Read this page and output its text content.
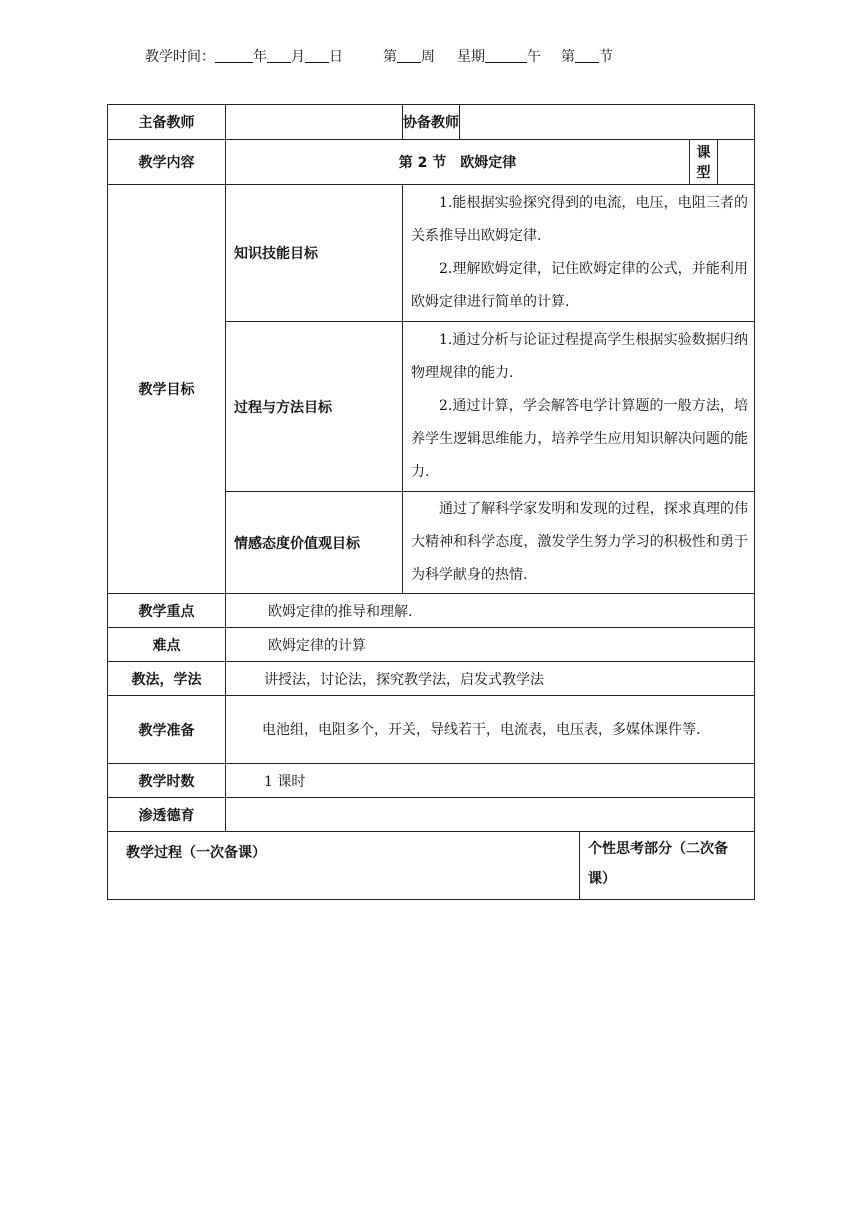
教学时间：	年 月 日	第 周 星期	午 第 节
主备教师		协备教师				
教学内容	第 2 节　欧姆定律				课型	
教学目标	知识技能目标	1.能根据实验探究得到的电流，电压，电阻三者的关系推导出欧姆定律.

2.理解欧姆定律，记住欧姆定律的公式，并能利用欧姆定律进行简单的计算.				

	过程与方法目标	1.通过分析与论证过程提高学生根据实验数据归纳物理规律的能力.

2.通过计算，学会解答电学计算题的一般方法，培养学生逻辑思维能力，培养学生应用知识解决问题的能力.				

	情感态度价值观目标	通过了解科学家发明和发现的过程，探求真理的伟大精神和科学态度，激发学生努力学习的积极性和勇于为科学献身的热情.				

教学重点	欧姆定律的推导和理解.					
难点	欧姆定律的计算					
教法，学法	讲授法，讨论法，探究教学法，启发式教学法					
教学准备	电池组，电阻多个，开关，导线若干，电流表，电压表，多媒体课件等.					

教学时数	1 课时					
渗透德育						
教学过程（一次备课）				个性思考部分（二次备课）		
